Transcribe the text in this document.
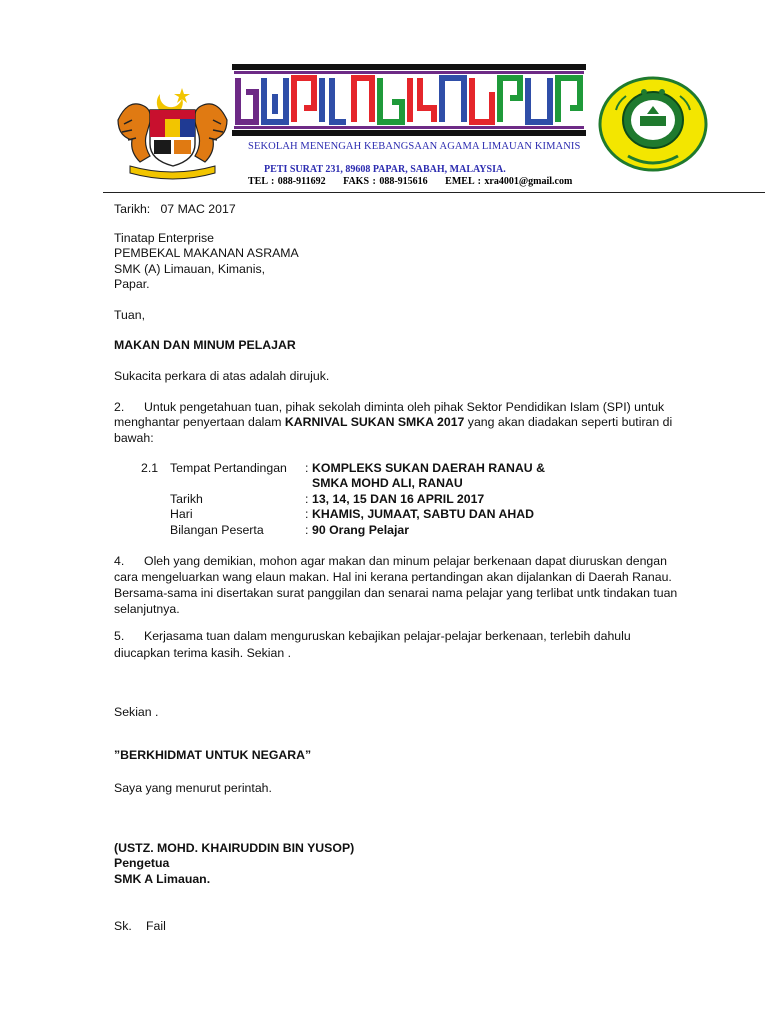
SEKOLAH MENENGAH KEBANGSAAN AGAMA LIMAUAN KIMANIS
PETI SURAT 231, 89608 PAPAR, SABAH, MALAYSIA.
TEL : 088-911692 FAKS : 088-915616 EMEL : xra4001@gmail.com
Tarikh: 07 MAC 2017
Tinatap Enterprise
PEMBEKAL MAKANAN ASRAMA
SMK (A) Limauan, Kimanis,
Papar.
Tuan,
MAKAN DAN MINUM PELAJAR
Sukacita perkara di atas adalah dirujuk.
2. Untuk pengetahuan tuan, pihak sekolah diminta oleh pihak Sektor Pendidikan Islam (SPI) untuk
menghantar penyertaan dalam KARNIVAL SUKAN SMKA 2017 yang akan diadakan seperti butiran di
bawah:
2.1 Tempat Pertandingan : KOMPLEKS SUKAN DAERAH RANAU &
SMKA MOHD ALI, RANAU
Tarikh	: 13, 14, 15 DAN 16 APRIL 2017
Hari	: KHAMIS, JUMAAT, SABTU DAN AHAD
Bilangan Peserta	: 90 Orang Pelajar
4. Oleh yang demikian, mohon agar makan dan minum pelajar berkenaan dapat diuruskan dengan
cara mengeluarkan wang elaun makan. Hal ini kerana pertandingan akan dijalankan di Daerah Ranau.
Bersama-sama ini disertakan surat panggilan dan senarai nama pelajar yang terlibat untk tindakan tuan
selanjutnya.
5. Kerjasama tuan dalam menguruskan kebajikan pelajar-pelajar berkenaan, terlebih dahulu
diucapkan terima kasih. Sekian .
Sekian .
”BERKHIDMAT UNTUK NEGARA”
Saya yang menurut perintah.
(USTZ. MOHD. KHAIRUDDIN BIN YUSOP)
Pengetua
SMK A Limauan.
Sk. Fail
